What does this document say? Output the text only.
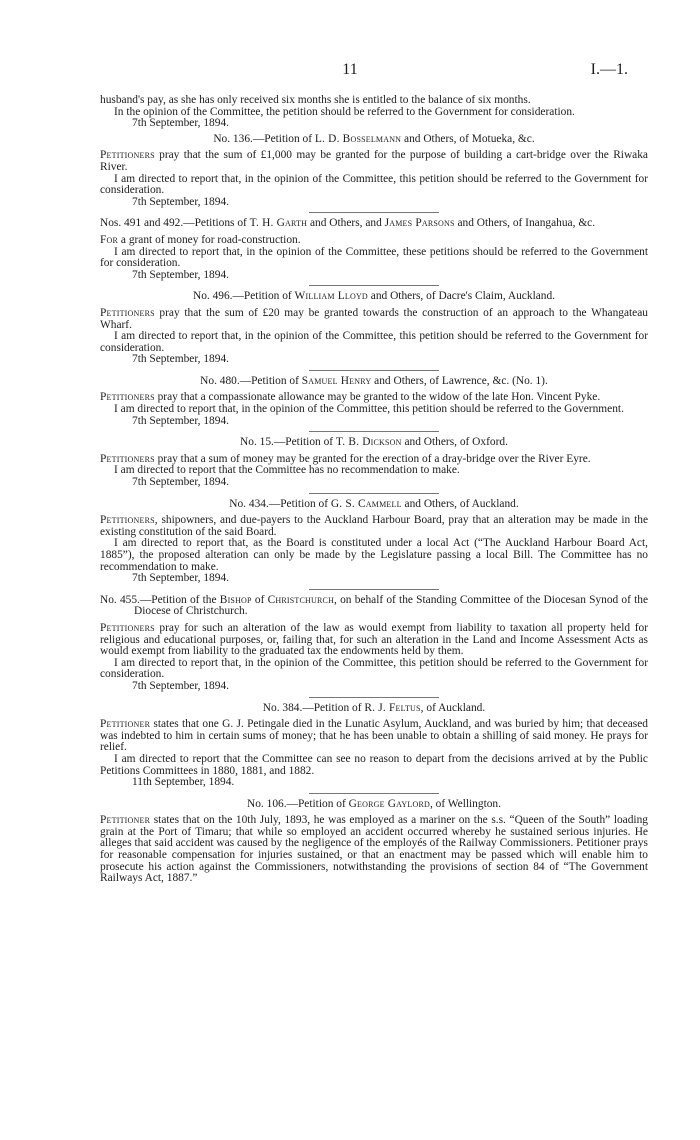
11	I.—1.

husband's pay, as she has only received six months she is entitled to the balance of six months.

In the opinion of the Committee, the petition should be referred to the Government for consideration.

7th September, 1894.

No. 136.—Petition of L. D. Bosselmann and Others, of Motueka, &c.

Petitioners pray that the sum of £1,000 may be granted for the purpose of building a cart-bridge over the Riwaka River.

I am directed to report that, in the opinion of the Committee, this petition should be referred to the Government for consideration.

7th September, 1894.

Nos. 491 and 492.—Petitions of T. H. Garth and Others, and James Parsons and Others, of Inangahua, &c.

For a grant of money for road-construction.

I am directed to report that, in the opinion of the Committee, these petitions should be referred to the Government for consideration.

7th September, 1894.

No. 496.—Petition of William Lloyd and Others, of Dacre's Claim, Auckland.

Petitioners pray that the sum of £20 may be granted towards the construction of an approach to the Whangateau Wharf.

I am directed to report that, in the opinion of the Committee, this petition should be referred to the Government for consideration.

7th September, 1894.

No. 480.—Petition of Samuel Henry and Others, of Lawrence, &c. (No. 1).

Petitioners pray that a compassionate allowance may be granted to the widow of the late Hon. Vincent Pyke.

I am directed to report that, in the opinion of the Committee, this petition should be referred to the Government.

7th September, 1894.

No. 15.—Petition of T. B. Dickson and Others, of Oxford.

Petitioners pray that a sum of money may be granted for the erection of a dray-bridge over the River Eyre.

I am directed to report that the Committee has no recommendation to make.

7th September, 1894.

No. 434.—Petition of G. S. Cammell and Others, of Auckland.

Petitioners, shipowners, and due-payers to the Auckland Harbour Board, pray that an alteration may be made in the existing constitution of the said Board.

I am directed to report that, as the Board is constituted under a local Act (“The Auckland Harbour Board Act, 1885”), the proposed alteration can only be made by the Legislature passing a local Bill. The Committee has no recommendation to make.

7th September, 1894.

No. 455.—Petition of the Bishop of Christchurch, on behalf of the Standing Committee of the Diocesan Synod of the Diocese of Christchurch.

Petitioners pray for such an alteration of the law as would exempt from liability to taxation all property held for religious and educational purposes, or, failing that, for such an alteration in the Land and Income Assessment Acts as would exempt from liability to the graduated tax the endowments held by them.

I am directed to report that, in the opinion of the Committee, this petition should be referred to the Government for consideration.

7th September, 1894.

No. 384.—Petition of R. J. Feltus, of Auckland.

Petitioner states that one G. J. Petingale died in the Lunatic Asylum, Auckland, and was buried by him; that deceased was indebted to him in certain sums of money; that he has been unable to obtain a shilling of said money. He prays for relief.

I am directed to report that the Committee can see no reason to depart from the decisions arrived at by the Public Petitions Committees in 1880, 1881, and 1882.

11th September, 1894.

No. 106.—Petition of George Gaylord, of Wellington.

Petitioner states that on the 10th July, 1893, he was employed as a mariner on the s.s. “Queen of the South” loading grain at the Port of Timaru; that while so employed an accident occurred whereby he sustained serious injuries. He alleges that said accident was caused by the negligence of the employés of the Railway Commissioners. Petitioner prays for reasonable compensation for injuries sustained, or that an enactment may be passed which will enable him to prosecute his action against the Commissioners, notwithstanding the provisions of section 84 of “The Government Railways Act, 1887.”
